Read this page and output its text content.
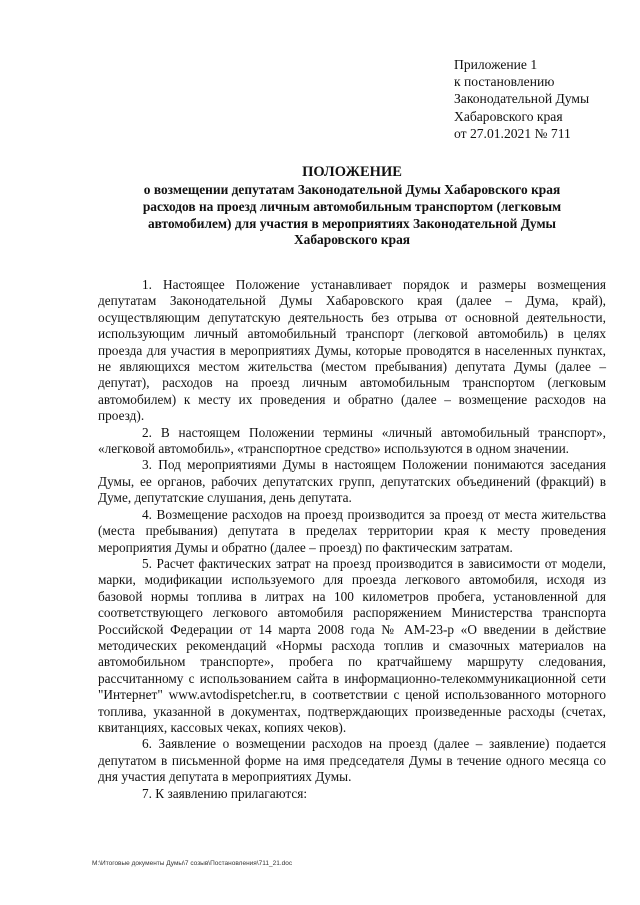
Приложение 1
к постановлению
Законодательной Думы
Хабаровского края
от 27.01.2021 № 711
ПОЛОЖЕНИЕ
о возмещении депутатам Законодательной Думы Хабаровского края
расходов на проезд личным автомобильным транспортом (легковым
автомобилем) для участия в мероприятиях Законодательной Думы
Хабаровского края

1. Настоящее Положение устанавливает порядок и размеры возмещения депутатам Законодательной Думы Хабаровского края (далее – Дума, край), осуществляющим депутатскую деятельность без отрыва от основной деятельности, использующим личный автомобильный транспорт (легковой автомобиль) в целях проезда для участия в мероприятиях Думы, которые проводятся в населенных пунктах, не являющихся местом жительства (местом пребывания) депутата Думы (далее – депутат), расходов на проезд личным автомобильным транспортом (легковым автомобилем) к месту их проведения и обратно (далее – возмещение расходов на проезд).

2. В настоящем Положении термины «личный автомобильный транспорт», «легковой автомобиль», «транспортное средство» используются в одном значении.

3. Под мероприятиями Думы в настоящем Положении понимаются заседания Думы, ее органов, рабочих депутатских групп, депутатских объединений (фракций) в Думе, депутатские слушания, день депутата.

4. Возмещение расходов на проезд производится за проезд от места жительства (места пребывания) депутата в пределах территории края к месту проведения мероприятия Думы и обратно (далее – проезд) по фактическим затратам.

5. Расчет фактических затрат на проезд производится в зависимости от модели, марки, модификации используемого для проезда легкового автомобиля, исходя из базовой нормы топлива в литрах на 100 километров пробега, установленной для соответствующего легкового автомобиля распоряжением Министерства транспорта Российской Федерации от 14 марта 2008 года № АМ-23-р «О введении в действие методических рекомендаций «Нормы расхода топлив и смазочных материалов на автомобильном транспорте», пробега по кратчайшему маршруту следования, рассчитанному с использованием сайта в информационно-телекоммуникационной сети "Интернет" www.avtodispetcher.ru, в соответствии с ценой использованного моторного топлива, указанной в документах, подтверждающих произведенные расходы (счетах, квитанциях, кассовых чеках, копиях чеков).

6. Заявление о возмещении расходов на проезд (далее – заявление) подается депутатом в письменной форме на имя председателя Думы в течение одного месяца со дня участия депутата в мероприятиях Думы.

7. К заявлению прилагаются:

M:\Итоговые документы Думы\7 созыв\Постановления\711_21.doc
